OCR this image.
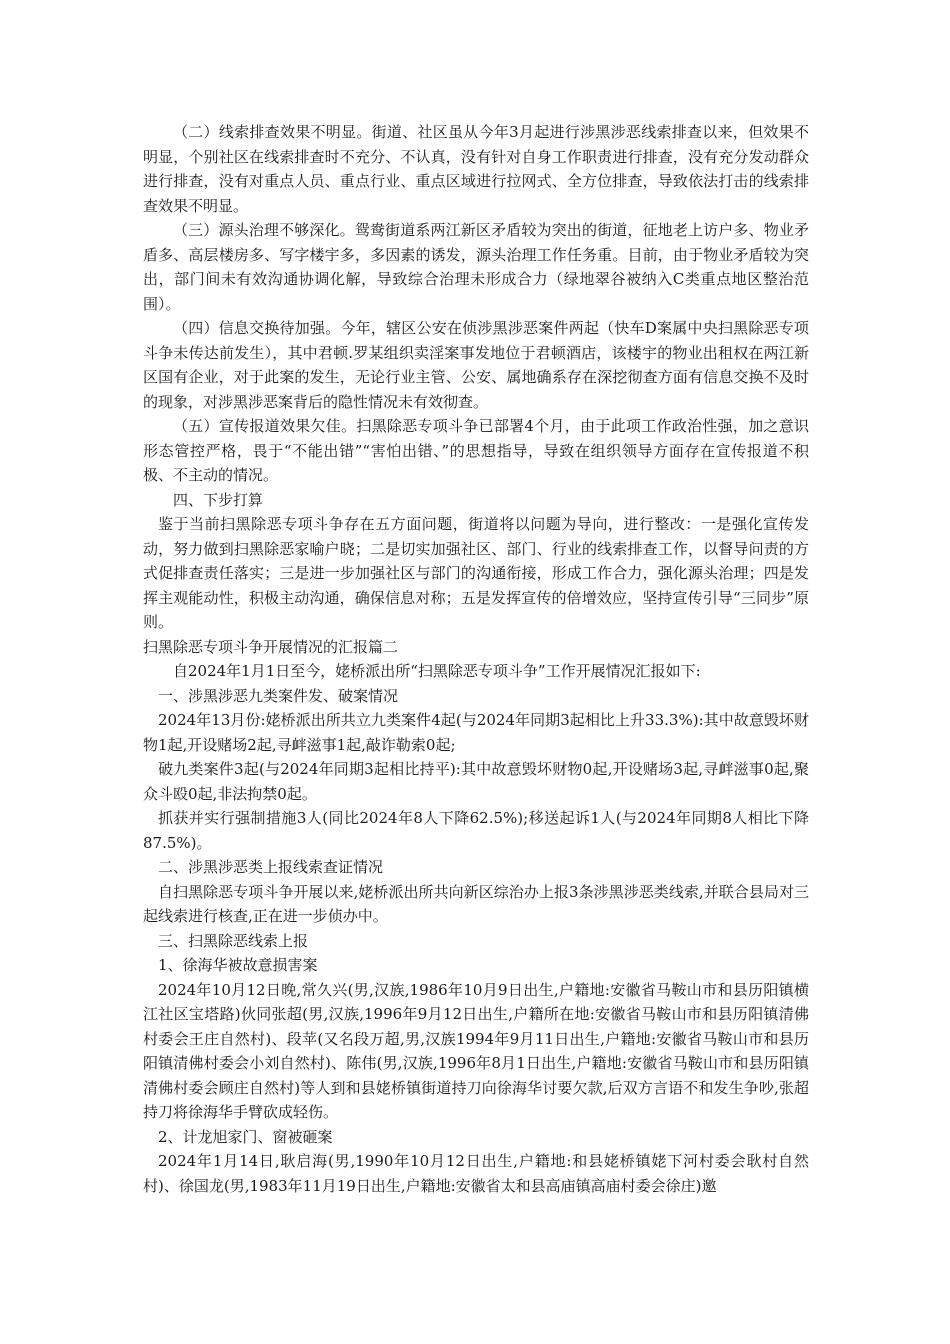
（二）线索排查效果不明显。街道、社区虽从今年3月起进行涉黑涉恶线索排查以来，但效果不明显，个别社区在线索排查时不充分、不认真，没有针对自身工作职责进行排查，没有充分发动群众进行排查，没有对重点人员、重点行业、重点区域进行拉网式、全方位排查，导致依法打击的线索排查效果不明显。

（三）源头治理不够深化。鸳鸯街道系两江新区矛盾较为突出的街道，征地老上访户多、物业矛盾多、高层楼房多、写字楼宇多，多因素的诱发，源头治理工作任务重。目前，由于物业矛盾较为突出，部门间未有效沟通协调化解，导致综合治理未形成合力（绿地翠谷被纳入C类重点地区整治范围）。

（四）信息交换待加强。今年，辖区公安在侦涉黑涉恶案件两起（快车D案属中央扫黑除恶专项斗争未传达前发生），其中君顿.罗某组织卖淫案事发地位于君顿酒店，该楼宇的物业出租权在两江新区国有企业，对于此案的发生，无论行业主管、公安、属地确系存在深挖彻查方面有信息交换不及时的现象，对涉黑涉恶案背后的隐性情况未有效彻查。

（五）宣传报道效果欠佳。扫黑除恶专项斗争已部署4个月，由于此项工作政治性强，加之意识形态管控严格，畏于“不能出错”“害怕出错、”的思想指导，导致在组织领导方面存在宣传报道不积极、不主动的情况。

四、下步打算

鉴于当前扫黑除恶专项斗争存在五方面问题，街道将以问题为导向，进行整改：一是强化宣传发动，努力做到扫黑除恶家喻户晓；二是切实加强社区、部门、行业的线索排查工作，以督导问责的方式促排查责任落实；三是进一步加强社区与部门的沟通衔接，形成工作合力，强化源头治理；四是发挥主观能动性，积极主动沟通，确保信息对称；五是发挥宣传的倍增效应，坚持宣传引导“三同步”原则。

扫黑除恶专项斗争开展情况的汇报篇二

自2024年1月1日至今，姥桥派出所“扫黑除恶专项斗争”工作开展情况汇报如下:

一、涉黑涉恶九类案件发、破案情况

2024年13月份:姥桥派出所共立九类案件4起(与2024年同期3起相比上升33.3%):其中故意毁坏财物1起,开设赌场2起,寻衅滋事1起,敲诈勒索0起;

破九类案件3起(与2024年同期3起相比持平):其中故意毁坏财物0起,开设赌场3起,寻衅滋事0起,聚众斗殴0起,非法拘禁0起。

抓获并实行强制措施3人(同比2024年8人下降62.5%);移送起诉1人(与2024年同期8人相比下降87.5%)。

二、涉黑涉恶类上报线索查证情况

自扫黑除恶专项斗争开展以来,姥桥派出所共向新区综治办上报3条涉黑涉恶类线索,并联合县局对三起线索进行核查,正在进一步侦办中。

三、扫黑除恶线索上报

1、徐海华被故意损害案

2024年10月12日晚,常久兴(男,汉族,1986年10月9日出生,户籍地:安徽省马鞍山市和县历阳镇横江社区宝塔路)伙同张超(男,汉族,1996年9月12日出生,户籍所在地:安徽省马鞍山市和县历阳镇清佛村委会王庄自然村)、段苹(又名段万超,男,汉族1994年9月11日出生,户籍地:安徽省马鞍山市和县历阳镇清佛村委会小刘自然村)、陈伟(男,汉族,1996年8月1日出生,户籍地:安徽省马鞍山市和县历阳镇清佛村委会顾庄自然村)等人到和县姥桥镇街道持刀向徐海华讨要欠款,后双方言语不和发生争吵,张超持刀将徐海华手臂砍成轻伤。

2、计龙旭家门、窗被砸案

2024年1月14日,耿启海(男,1990年10月12日出生,户籍地:和县姥桥镇姥下河村委会耿村自然村)、徐国龙(男,1983年11月19日出生,户籍地:安徽省太和县高庙镇高庙村委会徐庄)邀
